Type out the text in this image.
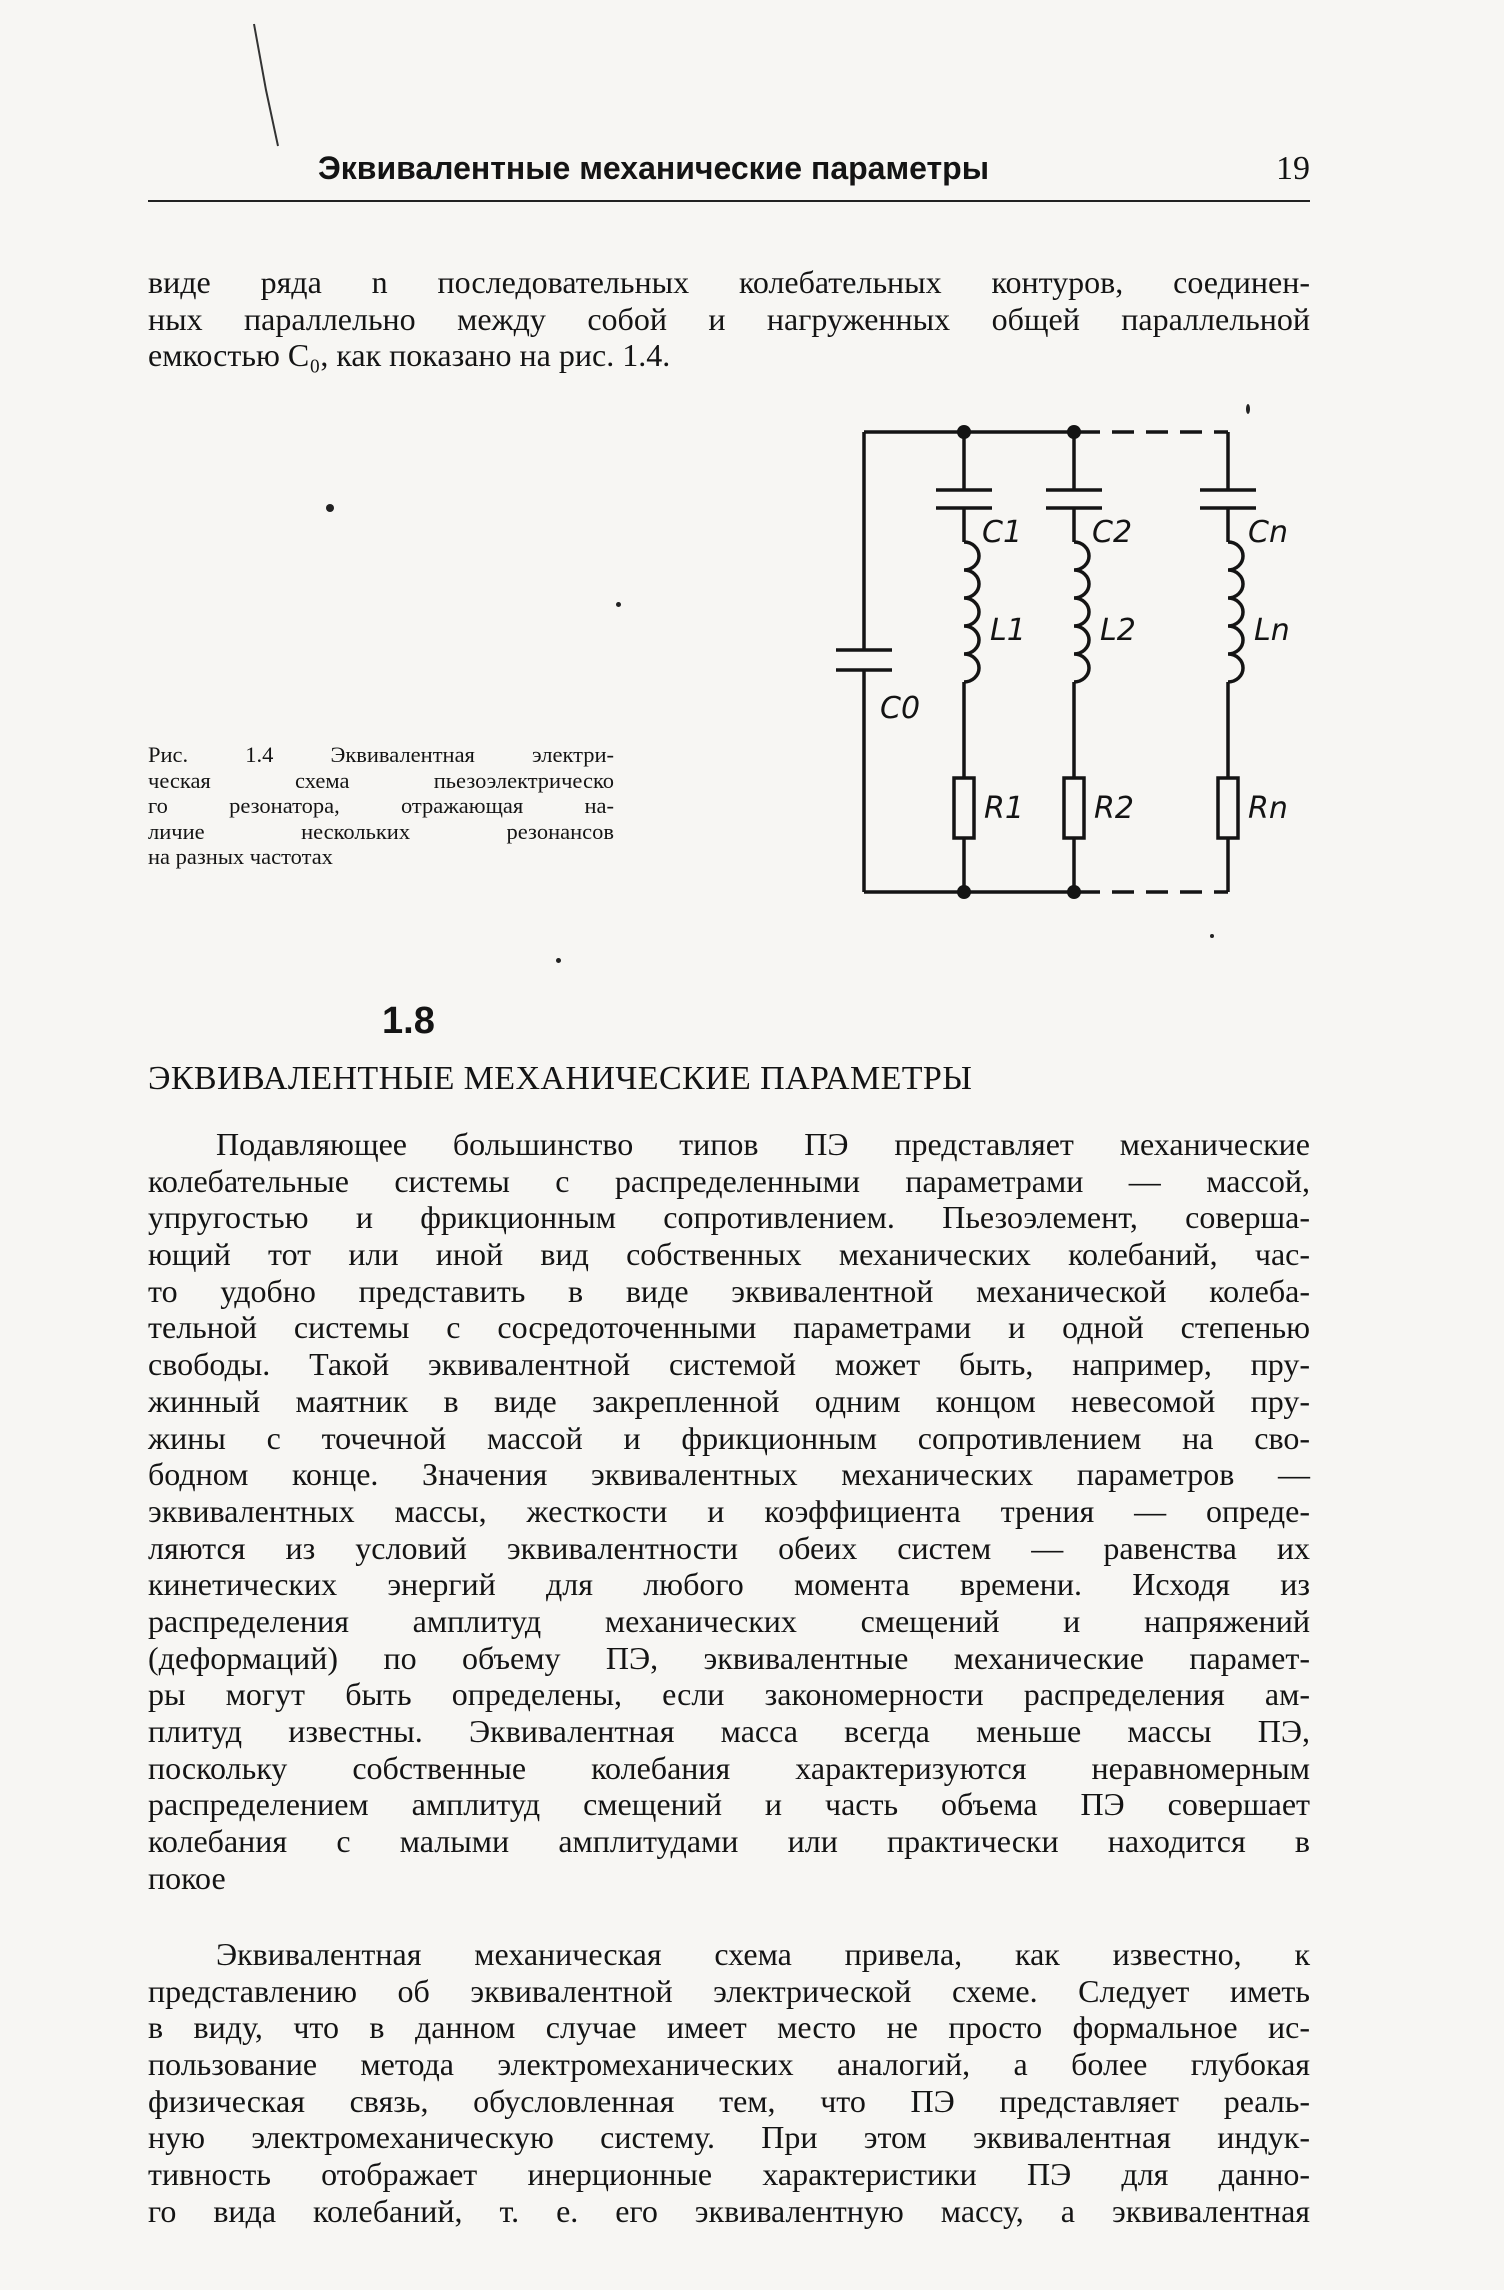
Эквивалентные механические параметры	19
виде ряда n последовательных колебательных контуров, соединен-
ных параллельно между собой и нагруженных общей параллельной
емкостью C₀, как показано на рис. 1.4.
Рис. 1.4 Эквивалентная электри-
ческая схема пьезоэлектрическо
го резонатора, отражающая на-
личие нескольких резонансов
на разных частотах
C0
C1 C2	Cn
L1 L2	Ln
R1 R2	Rn
1.8
ЭКВИВАЛЕНТНЫЕ МЕХАНИЧЕСКИЕ ПАРАМЕТРЫ
Подавляющее большинство типов ПЭ представляет механические
колебательные системы с распределенными параметрами — массой,
упругостью и фрикционным сопротивлением. Пьезоэлемент, соверша-
ющий тот или иной вид собственных механических колебаний, час-
то удобно представить в виде эквивалентной механической колеба-
тельной системы с сосредоточенными параметрами и одной степенью
свободы. Такой эквивалентной системой может быть, например, пру-
жинный маятник в виде закрепленной одним концом невесомой пру-
жины с точечной массой и фрикционным сопротивлением на сво-
бодном конце. Значения эквивалентных механических параметров —
эквивалентных массы, жесткости и коэффициента трения — опреде-
ляются из условий эквивалентности обеих систем — равенства их
кинетических энергий для любого момента времени. Исходя из
распределения амплитуд механических смещений и напряжений
(деформаций) по объему ПЭ, эквивалентные механические парамет-
ры могут быть определены, если закономерности распределения ам-
плитуд известны. Эквивалентная масса всегда меньше массы ПЭ,
поскольку собственные колебания характеризуются неравномерным
распределением амплитуд смещений и часть объема ПЭ совершает
колебания с малыми амплитудами или практически находится в
покое
Эквивалентная механическая схема привела, как известно, к
представлению об эквивалентной электрической схеме. Следует иметь
в виду, что в данном случае имеет место не просто формальное ис-
пользование метода электромеханических аналогий, а более глубокая
физическая связь, обусловленная тем, что ПЭ представляет реаль-
ную электромеханическую систему. При этом эквивалентная индук-
тивность отображает инерционные характеристики ПЭ для данно-
го вида колебаний, т. е. его эквивалентную массу, а эквивалентная
